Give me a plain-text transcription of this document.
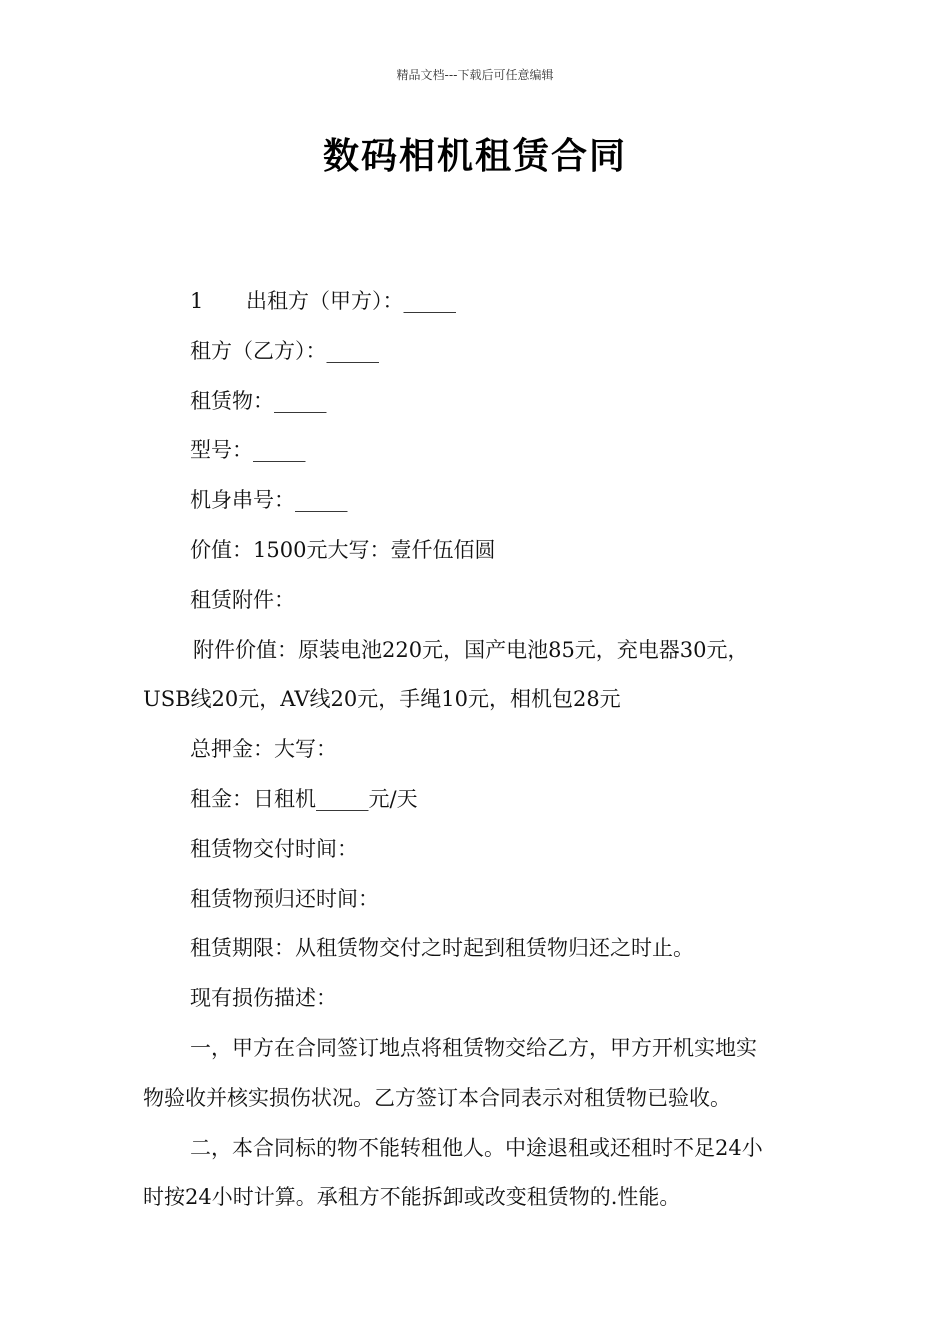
精品文档---下载后可任意编辑
数码相机租赁合同
1 出租方（甲方）：_____
租方（乙方）：_____
租赁物：_____
型号：_____
机身串号：_____
价值：1500元大写：壹仟伍佰圆
租赁附件：
附件价值：原装电池220元，国产电池85元，充电器30元，
USB线20元，AV线20元，手绳10元，相机包28元
总押金：大写：
租金：日租机_____元/天
租赁物交付时间：
租赁物预归还时间：
租赁期限：从租赁物交付之时起到租赁物归还之时止。
现有损伤描述：
一，甲方在合同签订地点将租赁物交给乙方，甲方开机实地实
物验收并核实损伤状况。乙方签订本合同表示对租赁物已验收。
二，本合同标的物不能转租他人。中途退租或还租时不足24小
时按24小时计算。承租方不能拆卸或改变租赁物的.性能。
